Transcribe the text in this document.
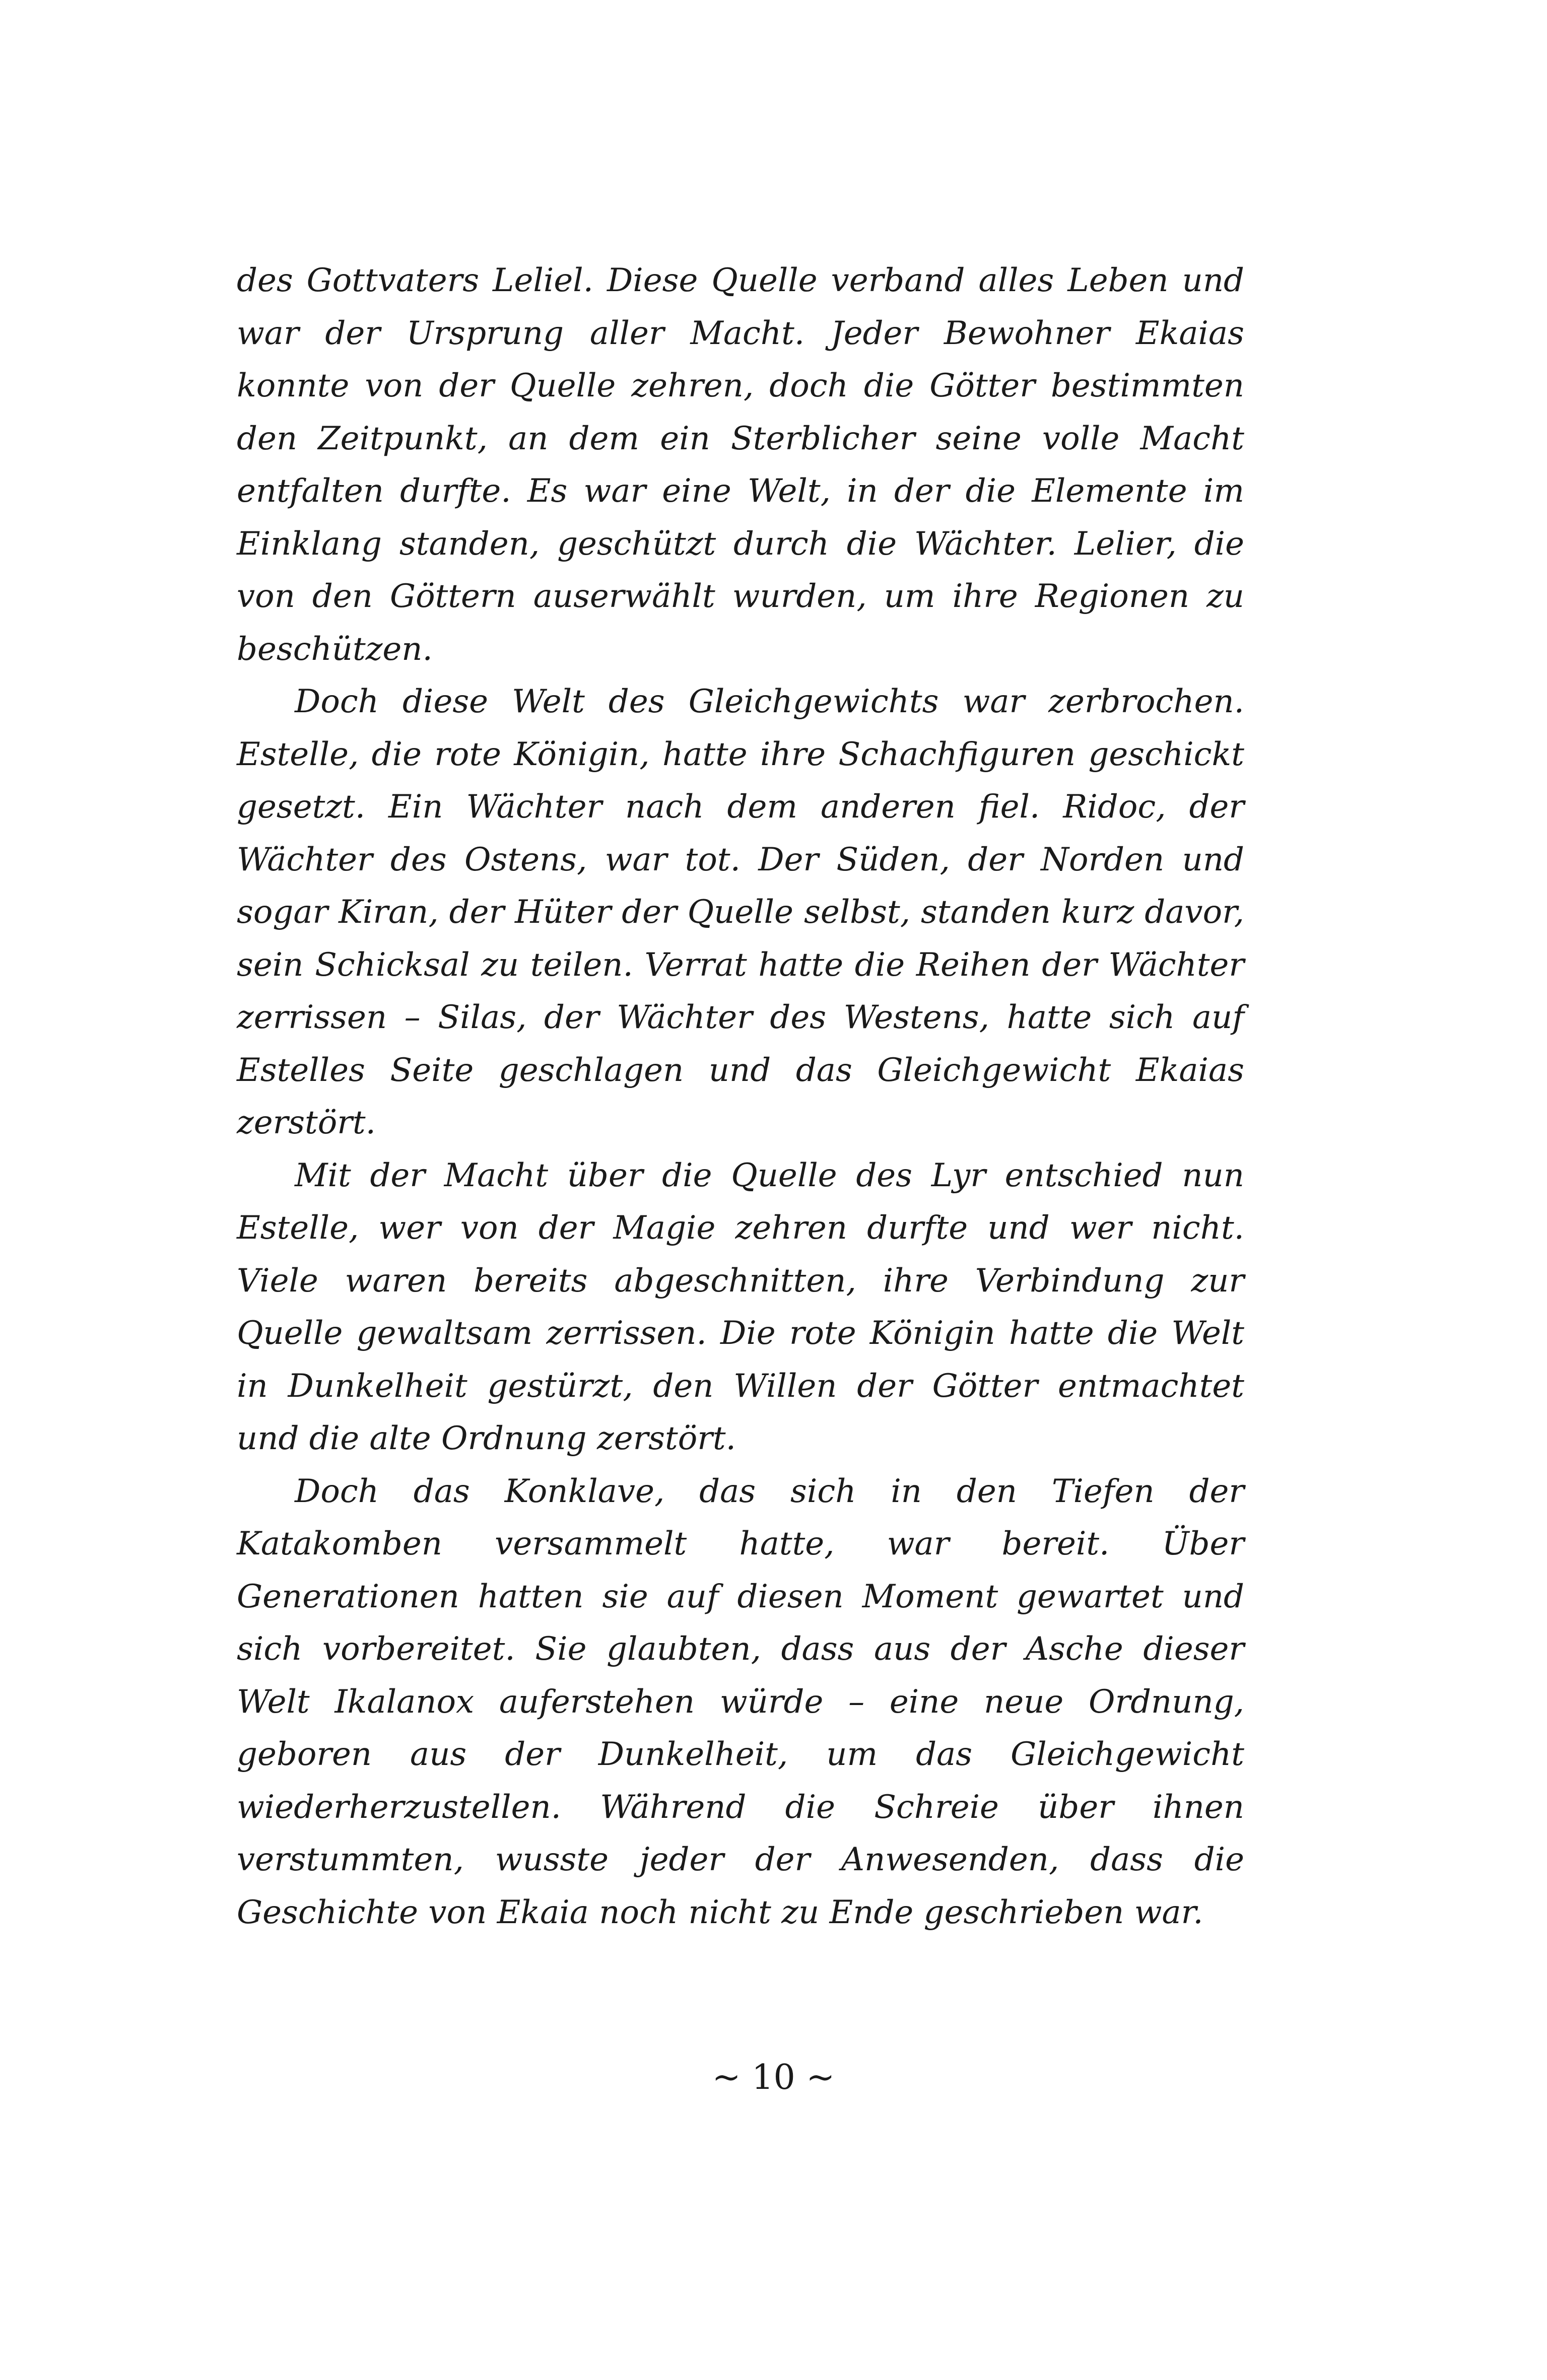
des Gottvaters Leliel. Diese Quelle verband alles Leben und war der Ursprung aller Macht. Jeder Bewohner Ekaias konnte von der Quelle zehren, doch die Götter bestimmten den Zeitpunkt, an dem ein Sterblicher seine volle Macht entfalten durfte. Es war eine Welt, in der die Elemente im Einklang standen, geschützt durch die Wächter. Lelier, die von den Göttern auserwählt wurden, um ihre Regionen zu beschützen.

Doch diese Welt des Gleichgewichts war zerbrochen. Estelle, die rote Königin, hatte ihre Schachfiguren geschickt gesetzt. Ein Wächter nach dem anderen fiel. Ridoc, der Wächter des Ostens, war tot. Der Süden, der Norden und sogar Kiran, der Hüter der Quelle selbst, standen kurz davor, sein Schicksal zu teilen. Verrat hatte die Reihen der Wächter zerrissen – Silas, der Wächter des Westens, hatte sich auf Estelles Seite geschlagen und das Gleichgewicht Ekaias zerstört.

Mit der Macht über die Quelle des Lyr entschied nun Estelle, wer von der Magie zehren durfte und wer nicht. Viele waren bereits abgeschnitten, ihre Verbindung zur Quelle gewaltsam zerrissen. Die rote Königin hatte die Welt in Dunkelheit gestürzt, den Willen der Götter entmachtet und die alte Ordnung zerstört.

Doch das Konklave, das sich in den Tiefen der Katakomben versammelt hatte, war bereit. Über Generationen hatten sie auf diesen Moment gewartet und sich vorbereitet. Sie glaubten, dass aus der Asche dieser Welt Ikalanox auferstehen würde – eine neue Ordnung, geboren aus der Dunkelheit, um das Gleichgewicht wiederherzustellen. Während die Schreie über ihnen verstummten, wusste jeder der Anwesenden, dass die Geschichte von Ekaia noch nicht zu Ende geschrieben war.

~ 10 ~
